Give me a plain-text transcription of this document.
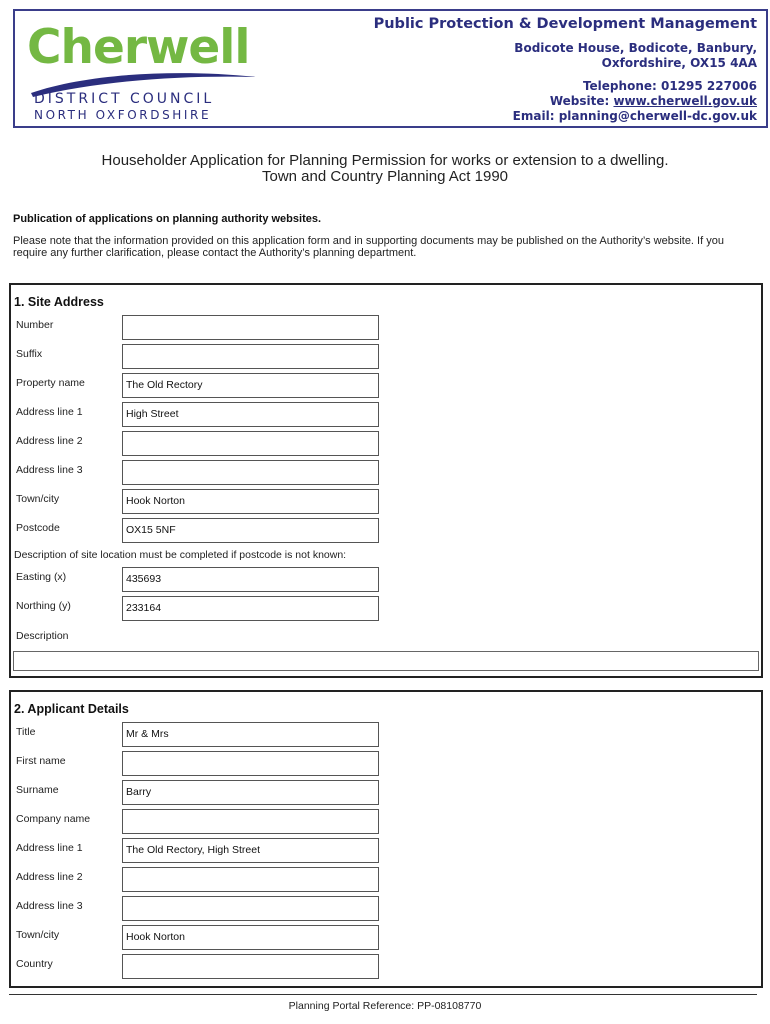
Cherwell
DISTRICT COUNCIL
NORTH OXFORDSHIRE
Public Protection & Development Management
Bodicote House, Bodicote, Banbury,
Oxfordshire, OX15 4AA
Telephone: 01295 227006
Website: www.cherwell.gov.uk
Email: planning@cherwell-dc.gov.uk
Householder Application for Planning Permission for works or extension to a dwelling.
Town and Country Planning Act 1990
Publication of applications on planning authority websites.
Please note that the information provided on this application form and in supporting documents may be published on the Authority’s website. If you require any further clarification, please contact the Authority’s planning department.
1. Site Address
Number
Suffix
Property name	The Old Rectory
Address line 1	High Street
Address line 2
Address line 3
Town/city	Hook Norton
Postcode	OX15 5NF
Description of site location must be completed if postcode is not known:
Easting (x)	435693
Northing (y)	233164
Description
2. Applicant Details
Title	Mr & Mrs
First name
Surname	Barry
Company name
Address line 1	The Old Rectory, High Street
Address line 2
Address line 3
Town/city	Hook Norton
Country
Planning Portal Reference: PP-08108770
